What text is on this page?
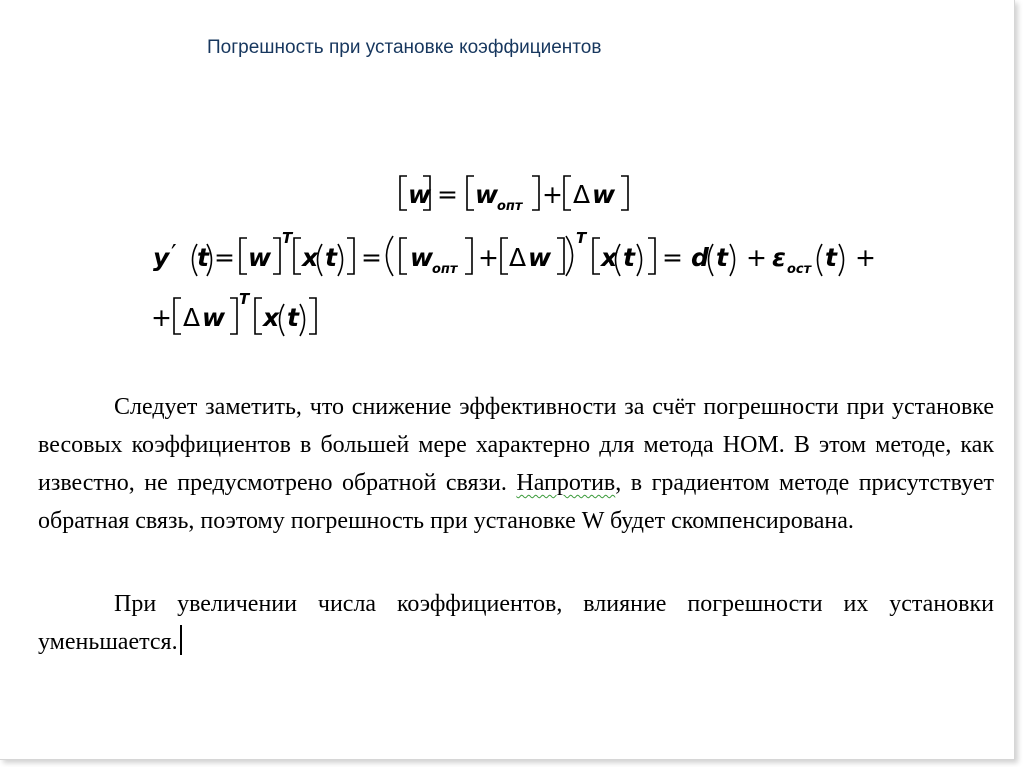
Погрешность при установке коэффициентов
w = w
опт + Δ w
y ′ t = w
T
x t = w
опт + Δ w
T
x t = d t + ε ост t +
+ Δ w
T
x t

Следует заметить, что снижение эффективности за счёт погрешности при установке весовых коэффициентов в большей мере характерно для метода НОМ. В этом методе, как известно, не предусмотрено обратной связи. Напротив, в градиентом методе присутствует обратная связь, поэтому погрешность при установке W будет скомпенсирована.

При увеличении числа коэффициентов, влияние погрешности их установки уменьшается.
